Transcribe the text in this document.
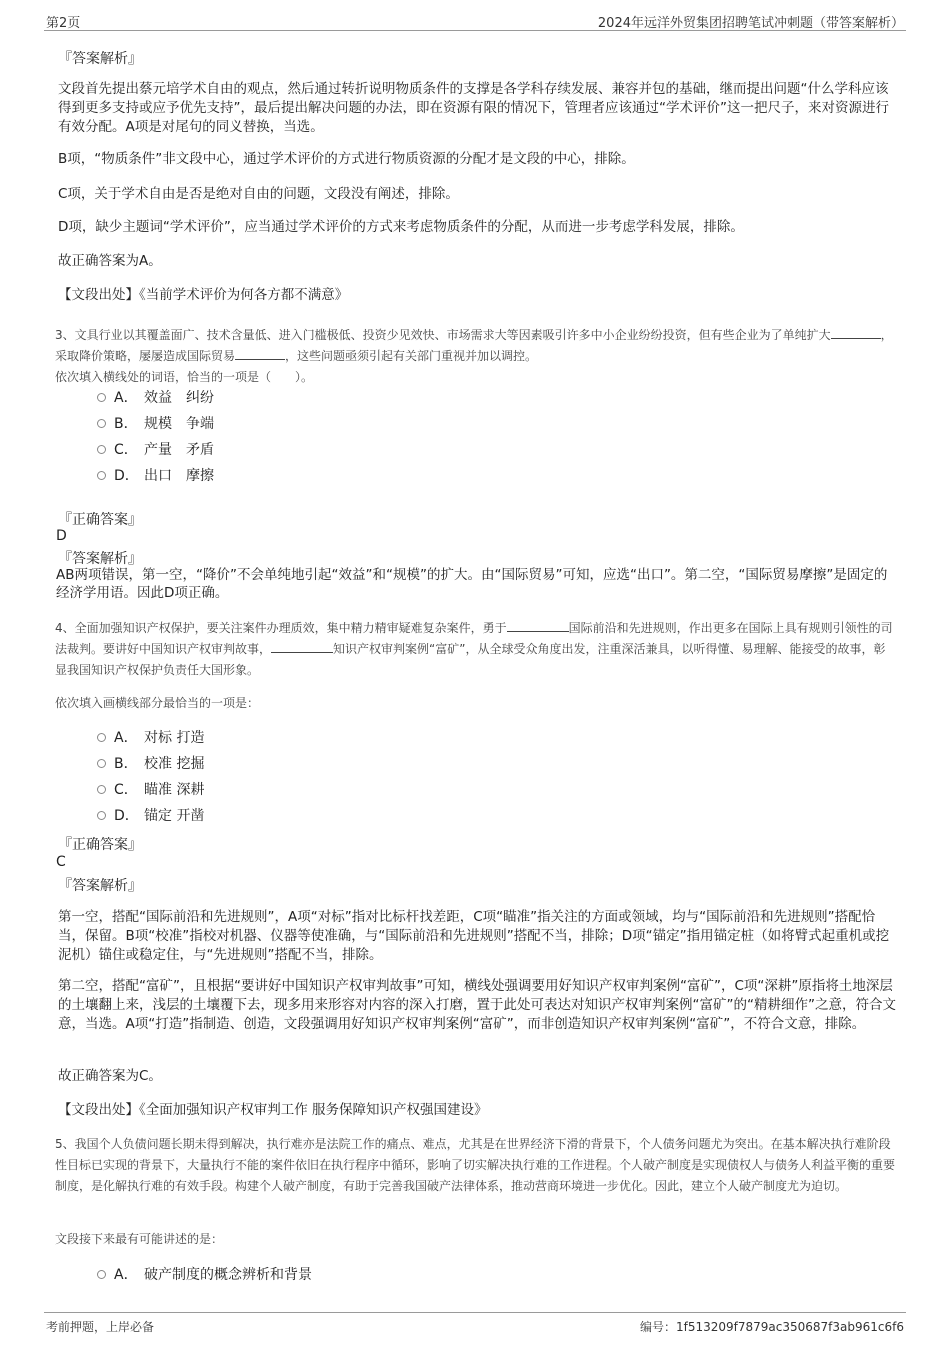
第2页	2024年远洋外贸集团招聘笔试冲刺题（带答案解析）
『答案解析』
文段首先提出蔡元培学术自由的观点，然后通过转折说明物质条件的支撑是各学科存续发展、兼容并包的基础，继而提出问题“什么学科应该得到更多支持或应予优先支持”，最后提出解决问题的办法，即在资源有限的情况下，管理者应该通过“学术评价”这一把尺子，来对资源进行有效分配。A项是对尾句的同义替换，当选。
B项，“物质条件”非文段中心，通过学术评价的方式进行物质资源的分配才是文段的中心，排除。
C项，关于学术自由是否是绝对自由的问题，文段没有阐述，排除。
D项，缺少主题词“学术评价”，应当通过学术评价的方式来考虑物质条件的分配，从而进一步考虑学科发展，排除。
故正确答案为A。
【文段出处】《当前学术评价为何各方都不满意》
3、文具行业以其覆盖面广、技术含量低、进入门槛极低、投资少见效快、市场需求大等因素吸引许多中小企业纷纷投资，但有些企业为了单纯扩大	，采取降价策略，屡屡造成国际贸易	，这些问题亟须引起有关部门重视并加以调控。
依次填入横线处的词语，恰当的一项是（　　）。
A． 效益 纠纷
B． 规模 争端
C． 产量 矛盾
D． 出口 摩擦
『正确答案』
D
『答案解析』
AB两项错误，第一空，“降价”不会单纯地引起“效益”和“规模”的扩大。由“国际贸易”可知，应选“出口”。第二空，“国际贸易摩擦”是固定的经济学用语。因此D项正确。
4、全面加强知识产权保护，要关注案件办理质效，集中精力精审疑难复杂案件，勇于	国际前沿和先进规则，作出更多在国际上具有规则引领性的司法裁判。要讲好中国知识产权审判故事，	知识产权审判案例“富矿”，从全球受众角度出发，注重深活兼具，以听得懂、易理解、能接受的故事，彰显我国知识产权保护负责任大国形象。
依次填入画横线部分最恰当的一项是：
A． 对标 打造
B． 校准 挖掘
C． 瞄准 深耕
D． 锚定 开凿
『正确答案』
C
『答案解析』
第一空，搭配“国际前沿和先进规则”，A项“对标”指对比标杆找差距，C项“瞄准”指关注的方面或领域，均与“国际前沿和先进规则”搭配恰当，保留。B项“校准”指校对机器、仪器等使准确，与“国际前沿和先进规则”搭配不当，排除；D项“锚定”指用锚定桩（如将臂式起重机或挖泥机）锚住或稳定住，与“先进规则”搭配不当，排除。
第二空，搭配“富矿”，且根据“要讲好中国知识产权审判故事”可知，横线处强调要用好知识产权审判案例“富矿”，C项“深耕”原指将土地深层的土壤翻上来，浅层的土壤覆下去，现多用来形容对内容的深入打磨，置于此处可表达对知识产权审判案例“富矿”的“精耕细作”之意，符合文意，当选。A项“打造”指制造、创造，文段强调用好知识产权审判案例“富矿”，而非创造知识产权审判案例“富矿”，不符合文意，排除。
故正确答案为C。
【文段出处】《全面加强知识产权审判工作 服务保障知识产权强国建设》
5、我国个人负债问题长期未得到解决，执行难亦是法院工作的痛点、难点，尤其是在世界经济下滑的背景下，个人债务问题尤为突出。在基本解决执行难阶段性目标已实现的背景下，大量执行不能的案件依旧在执行程序中循环，影响了切实解决执行难的工作进程。个人破产制度是实现债权人与债务人利益平衡的重要制度，是化解执行难的有效手段。构建个人破产制度，有助于完善我国破产法律体系，推动营商环境进一步优化。因此，建立个人破产制度尤为迫切。
文段接下来最有可能讲述的是：
A． 破产制度的概念辨析和背景
考前押题，上岸必备	编号：1f513209f7879ac350687f3ab961c6f6
